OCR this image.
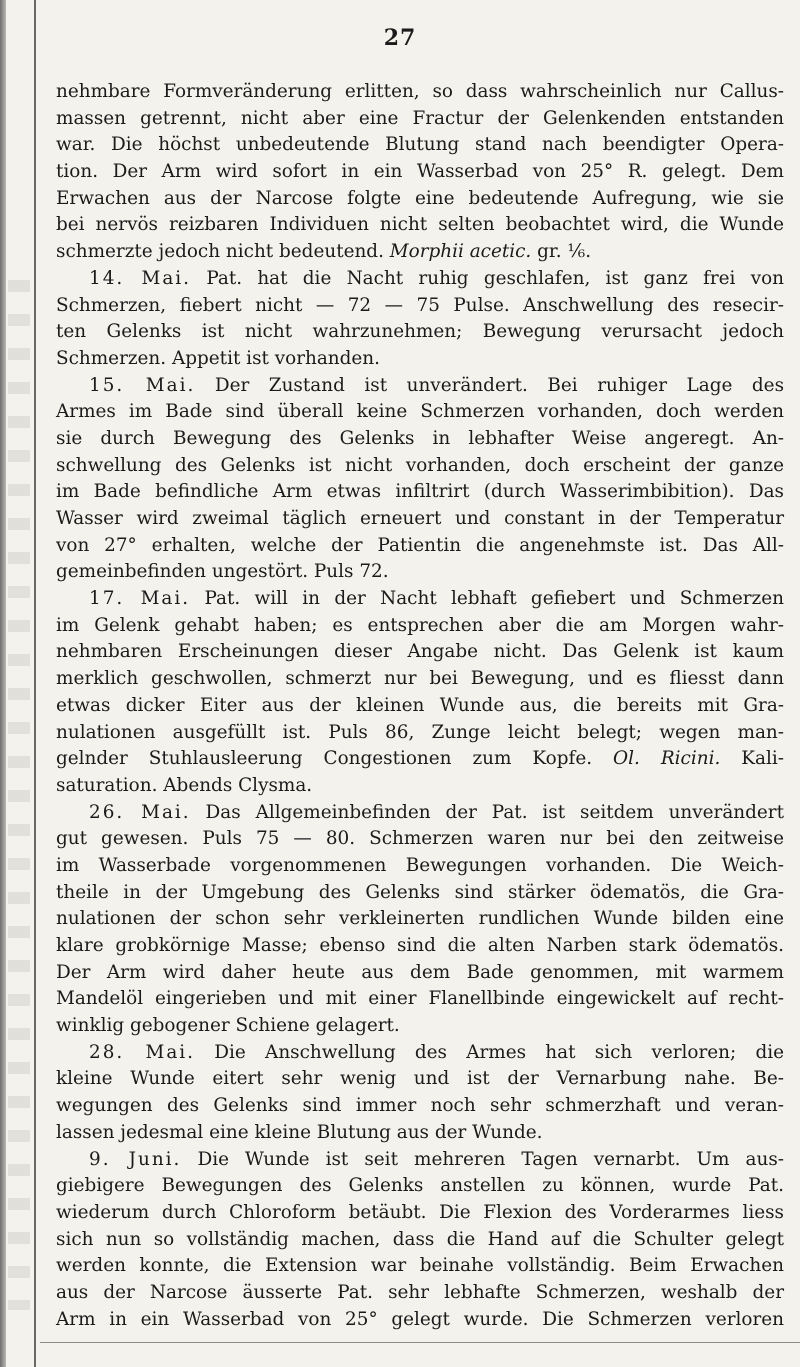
27
nehmbare Formveränderung erlitten, so dass wahrscheinlich nur Callus-
massen getrennt, nicht aber eine Fractur der Gelenkenden entstanden
war. Die höchst unbedeutende Blutung stand nach beendigter Opera-
tion. Der Arm wird sofort in ein Wasserbad von 25° R. gelegt. Dem
Erwachen aus der Narcose folgte eine bedeutende Aufregung, wie sie
bei nervös reizbaren Individuen nicht selten beobachtet wird, die Wunde
schmerzte jedoch nicht bedeutend. Morphii acetic. gr. ⅙.
14. Mai. Pat. hat die Nacht ruhig geschlafen, ist ganz frei von
Schmerzen, fiebert nicht — 72 — 75 Pulse. Anschwellung des resecir-
ten Gelenks ist nicht wahrzunehmen; Bewegung verursacht jedoch
Schmerzen. Appetit ist vorhanden.
15. Mai. Der Zustand ist unverändert. Bei ruhiger Lage des
Armes im Bade sind überall keine Schmerzen vorhanden, doch werden
sie durch Bewegung des Gelenks in lebhafter Weise angeregt. An-
schwellung des Gelenks ist nicht vorhanden, doch erscheint der ganze
im Bade befindliche Arm etwas infiltrirt (durch Wasserimbibition). Das
Wasser wird zweimal täglich erneuert und constant in der Temperatur
von 27° erhalten, welche der Patientin die angenehmste ist. Das All-
gemeinbefinden ungestört. Puls 72.
17. Mai. Pat. will in der Nacht lebhaft gefiebert und Schmerzen
im Gelenk gehabt haben; es entsprechen aber die am Morgen wahr-
nehmbaren Erscheinungen dieser Angabe nicht. Das Gelenk ist kaum
merklich geschwollen, schmerzt nur bei Bewegung, und es fliesst dann
etwas dicker Eiter aus der kleinen Wunde aus, die bereits mit Gra-
nulationen ausgefüllt ist. Puls 86, Zunge leicht belegt; wegen man-
gelnder Stuhlausleerung Congestionen zum Kopfe. Ol. Ricini. Kali-
saturation. Abends Clysma.
26. Mai. Das Allgemeinbefinden der Pat. ist seitdem unverändert
gut gewesen. Puls 75 — 80. Schmerzen waren nur bei den zeitweise
im Wasserbade vorgenommenen Bewegungen vorhanden. Die Weich-
theile in der Umgebung des Gelenks sind stärker ödematös, die Gra-
nulationen der schon sehr verkleinerten rundlichen Wunde bilden eine
klare grobkörnige Masse; ebenso sind die alten Narben stark ödematös.
Der Arm wird daher heute aus dem Bade genommen, mit warmem
Mandelöl eingerieben und mit einer Flanellbinde eingewickelt auf recht-
winklig gebogener Schiene gelagert.
28. Mai. Die Anschwellung des Armes hat sich verloren; die
kleine Wunde eitert sehr wenig und ist der Vernarbung nahe. Be-
wegungen des Gelenks sind immer noch sehr schmerzhaft und veran-
lassen jedesmal eine kleine Blutung aus der Wunde.
9. Juni. Die Wunde ist seit mehreren Tagen vernarbt. Um aus-
giebigere Bewegungen des Gelenks anstellen zu können, wurde Pat.
wiederum durch Chloroform betäubt. Die Flexion des Vorderarmes liess
sich nun so vollständig machen, dass die Hand auf die Schulter gelegt
werden konnte, die Extension war beinahe vollständig. Beim Erwachen
aus der Narcose äusserte Pat. sehr lebhafte Schmerzen, weshalb der
Arm in ein Wasserbad von 25° gelegt wurde. Die Schmerzen verloren
